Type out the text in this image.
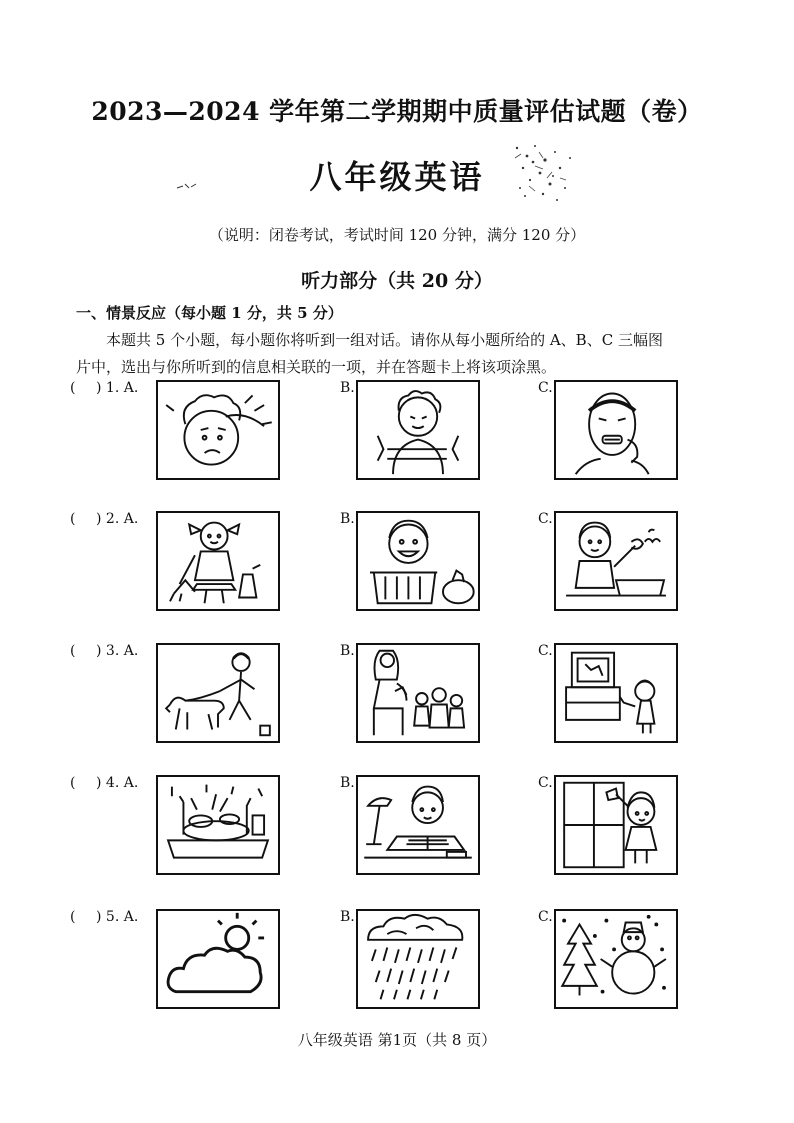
2023—2024 学年第二学期期中质量评估试题（卷）
八年级英语
（说明：闭卷考试，考试时间 120 分钟，满分 120 分）
听力部分（共 20 分）
一、情景反应（每小题 1 分，共 5 分）
本题共 5 个小题，每小题你将听到一组对话。请你从每小题所给的 A、B、C 三幅图
片中，选出与你所听到的信息相关联的一项，并在答题卡上将该项涂黑。
( ) 1. A.	B.	C.
( ) 2. A.	B.	C.
( ) 3. A.	B.	C.
( ) 4. A.	B.	C.
( ) 5. A.	B.	C.
八年级英语 第1页（共 8 页）
